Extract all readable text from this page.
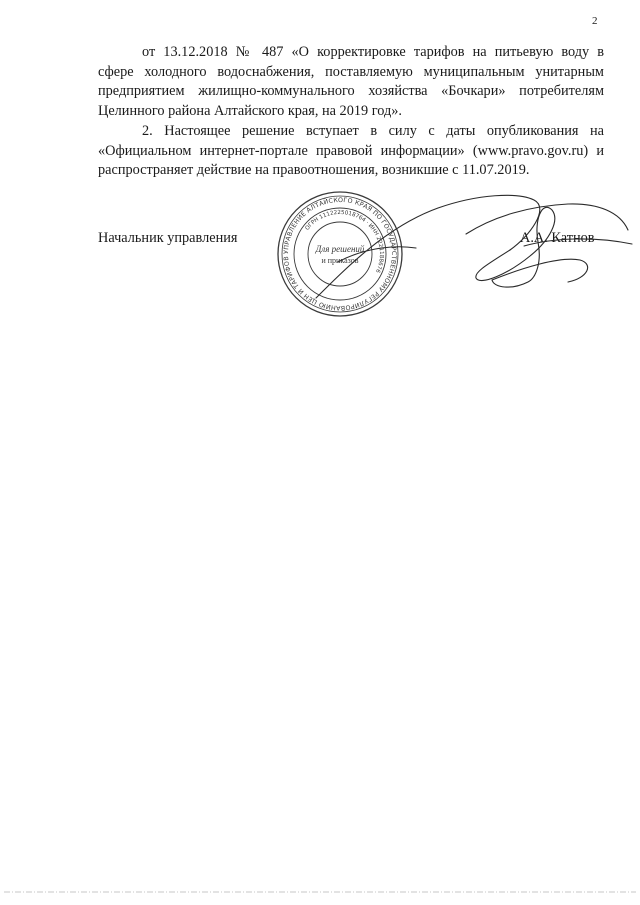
2
от 13.12.2018 № 487 «О корректировке тарифов на питьевую воду в
сфере холодного водоснабжения, поставляемую муниципальным унитарным
предприятием жилищно-коммунального хозяйства «Бочкари» потребителям
Целинного района Алтайского края, на 2019 год».
2. Настоящее решение вступает в силу с даты опубликования на
«Официальном интернет-портале правовой информации» (www.pravo.gov.ru) и
распространяет действие на правоотношения, возникшие с 11.07.2019.
Начальник управления
УПРАВЛЕНИЕ АЛТАЙСКОГО КРАЯ ПО ГОСУДАРСТВЕННОМУ РЕГУЛИРОВАНИЮ ЦЕН И ТАРИФОВ
ОГРН 1112225018764 · ИНН 2221188676
Для решений
и приказов
А.А. Катнов
